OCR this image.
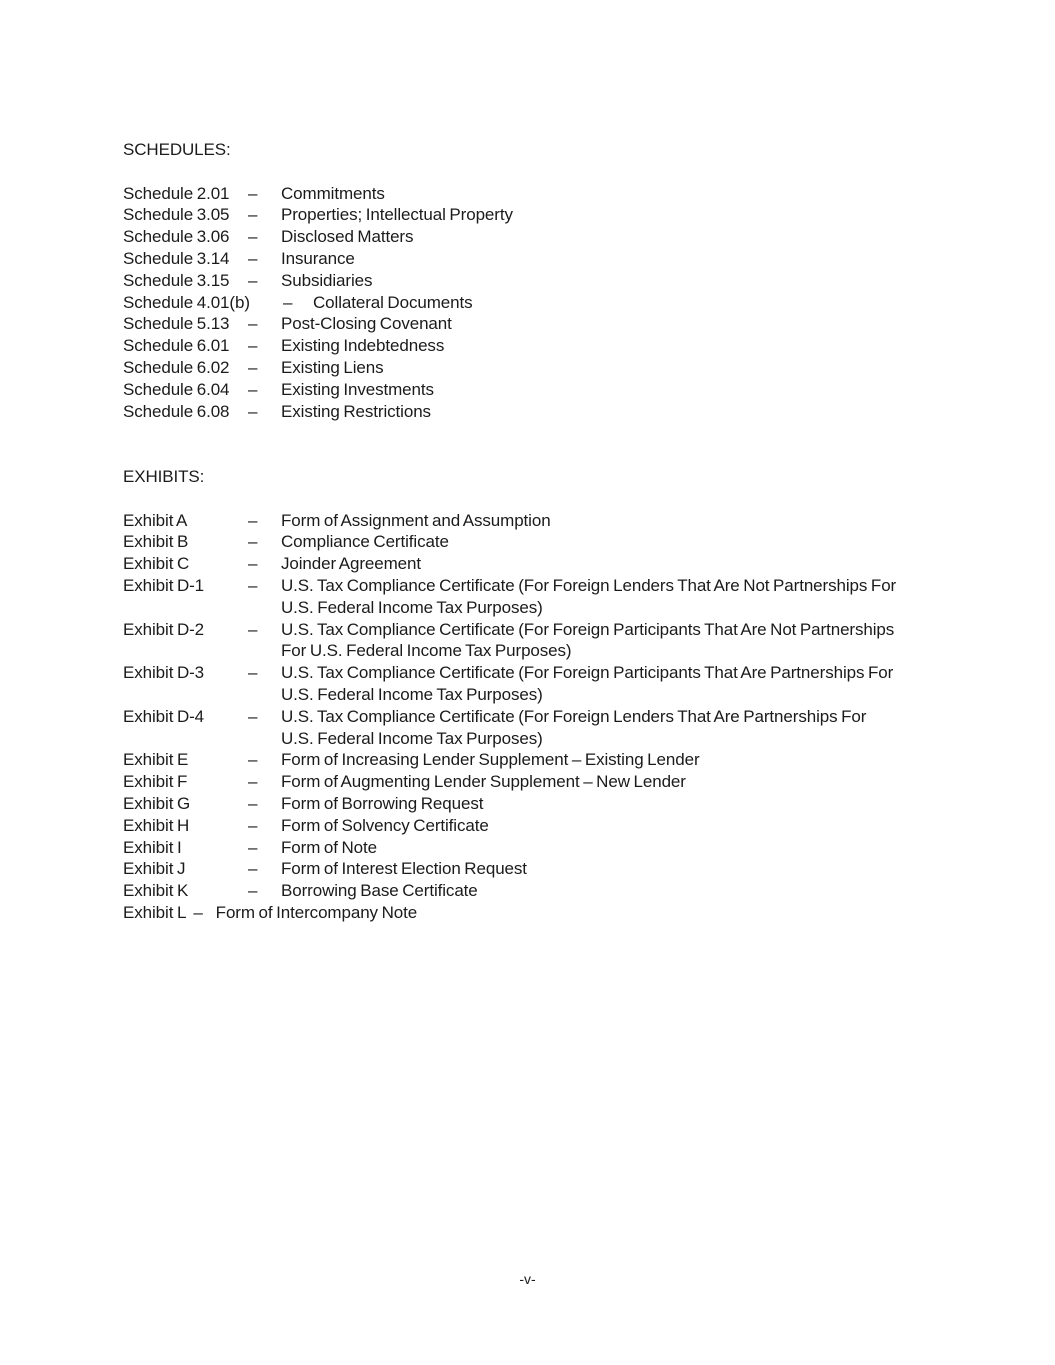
SCHEDULES:

Schedule 2.01	–	Commitments
Schedule 3.05	–	Properties; Intellectual Property
Schedule 3.06	–	Disclosed Matters
Schedule 3.14	–	Insurance
Schedule 3.15	–	Subsidiaries
Schedule 4.01(b)	–	Collateral Documents
Schedule 5.13	–	Post-Closing Covenant
Schedule 6.01	–	Existing Indebtedness
Schedule 6.02	–	Existing Liens
Schedule 6.04	–	Existing Investments
Schedule 6.08	–	Existing Restrictions

EXHIBITS:

Exhibit A	–	Form of Assignment and Assumption
Exhibit B	–	Compliance Certificate
Exhibit C	–	Joinder Agreement
Exhibit D-1	–	U.S. Tax Compliance Certificate (For Foreign Lenders That Are Not Partnerships For
U.S. Federal Income Tax Purposes)
Exhibit D-2	–	U.S. Tax Compliance Certificate (For Foreign Participants That Are Not Partnerships
For U.S. Federal Income Tax Purposes)
Exhibit D-3	–	U.S. Tax Compliance Certificate (For Foreign Participants That Are Partnerships For
U.S. Federal Income Tax Purposes)
Exhibit D-4	–	U.S. Tax Compliance Certificate (For Foreign Lenders That Are Partnerships For
U.S. Federal Income Tax Purposes)
Exhibit E	–	Form of Increasing Lender Supplement – Existing Lender
Exhibit F	–	Form of Augmenting Lender Supplement – New Lender
Exhibit G	–	Form of Borrowing Request
Exhibit H	–	Form of Solvency Certificate
Exhibit I	–	Form of Note
Exhibit J	–	Form of Interest Election Request
Exhibit K	–	Borrowing Base Certificate
Exhibit L – Form of Intercompany Note
-v-
